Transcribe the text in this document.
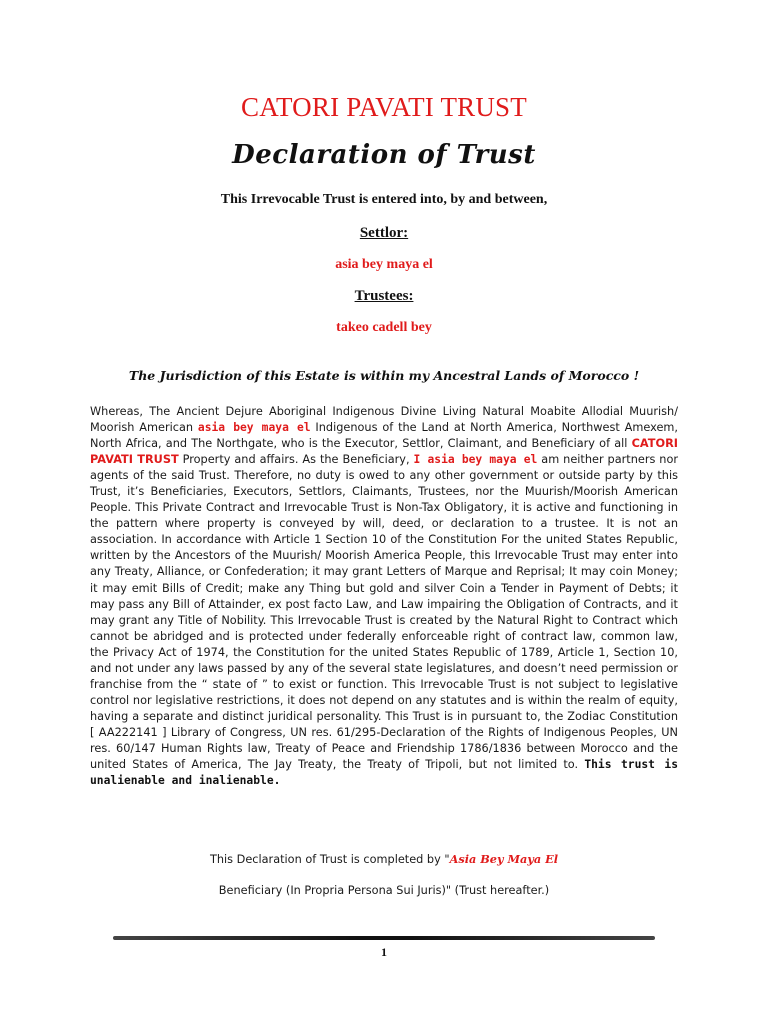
CATORI PAVATI TRUST
Declaration of Trust
This Irrevocable Trust is entered into, by and between,
Settlor:
asia bey maya el
Trustees:
takeo cadell bey
The Jurisdiction of this Estate is within my Ancestral Lands of Morocco !
Whereas, The Ancient Dejure Aboriginal Indigenous Divine Living Natural Moabite Allodial Muurish/ Moorish American asia bey maya el Indigenous of the Land at North America, Northwest Amexem, North Africa, and The Northgate, who is the Executor, Settlor, Claimant, and Beneficiary of all CATORI PAVATI TRUST Property and affairs. As the Beneficiary, I asia bey maya el am neither partners nor agents of the said Trust. Therefore, no duty is owed to any other government or outside party by this Trust, it’s Beneficiaries, Executors, Settlors, Claimants, Trustees, nor the Muurish/Moorish American People. This Private Contract and Irrevocable Trust is Non-Tax Obligatory, it is active and functioning in the pattern where property is conveyed by will, deed, or declaration to a trustee. It is not an association. In accordance with Article 1 Section 10 of the Constitution For the united States Republic, written by the Ancestors of the Muurish/ Moorish America People, this Irrevocable Trust may enter into any Treaty, Alliance, or Confederation; it may grant Letters of Marque and Reprisal; It may coin Money; it may emit Bills of Credit; make any Thing but gold and silver Coin a Tender in Payment of Debts; it may pass any Bill of Attainder, ex post facto Law, and Law impairing the Obligation of Contracts, and it may grant any Title of Nobility. This Irrevocable Trust is created by the Natural Right to Contract which cannot be abridged and is protected under federally enforceable right of contract law, common law, the Privacy Act of 1974, the Constitution for the united States Republic of 1789, Article 1, Section 10, and not under any laws passed by any of the several state legislatures, and doesn’t need permission or franchise from the “ state of ” to exist or function. This Irrevocable Trust is not subject to legislative control nor legislative restrictions, it does not depend on any statutes and is within the realm of equity, having a separate and distinct juridical personality. This Trust is in pursuant to, the Zodiac Constitution [ AA222141 ] Library of Congress, UN res. 61/295-Declaration of the Rights of Indigenous Peoples, UN res. 60/147 Human Rights law, Treaty of Peace and Friendship 1786/1836 between Morocco and the united States of America, The Jay Treaty, the Treaty of Tripoli, but not limited to. This trust is unalienable and inalienable.
This Declaration of Trust is completed by "Asia Bey Maya El
Beneficiary (In Propria Persona Sui Juris)" (Trust hereafter.)
1
